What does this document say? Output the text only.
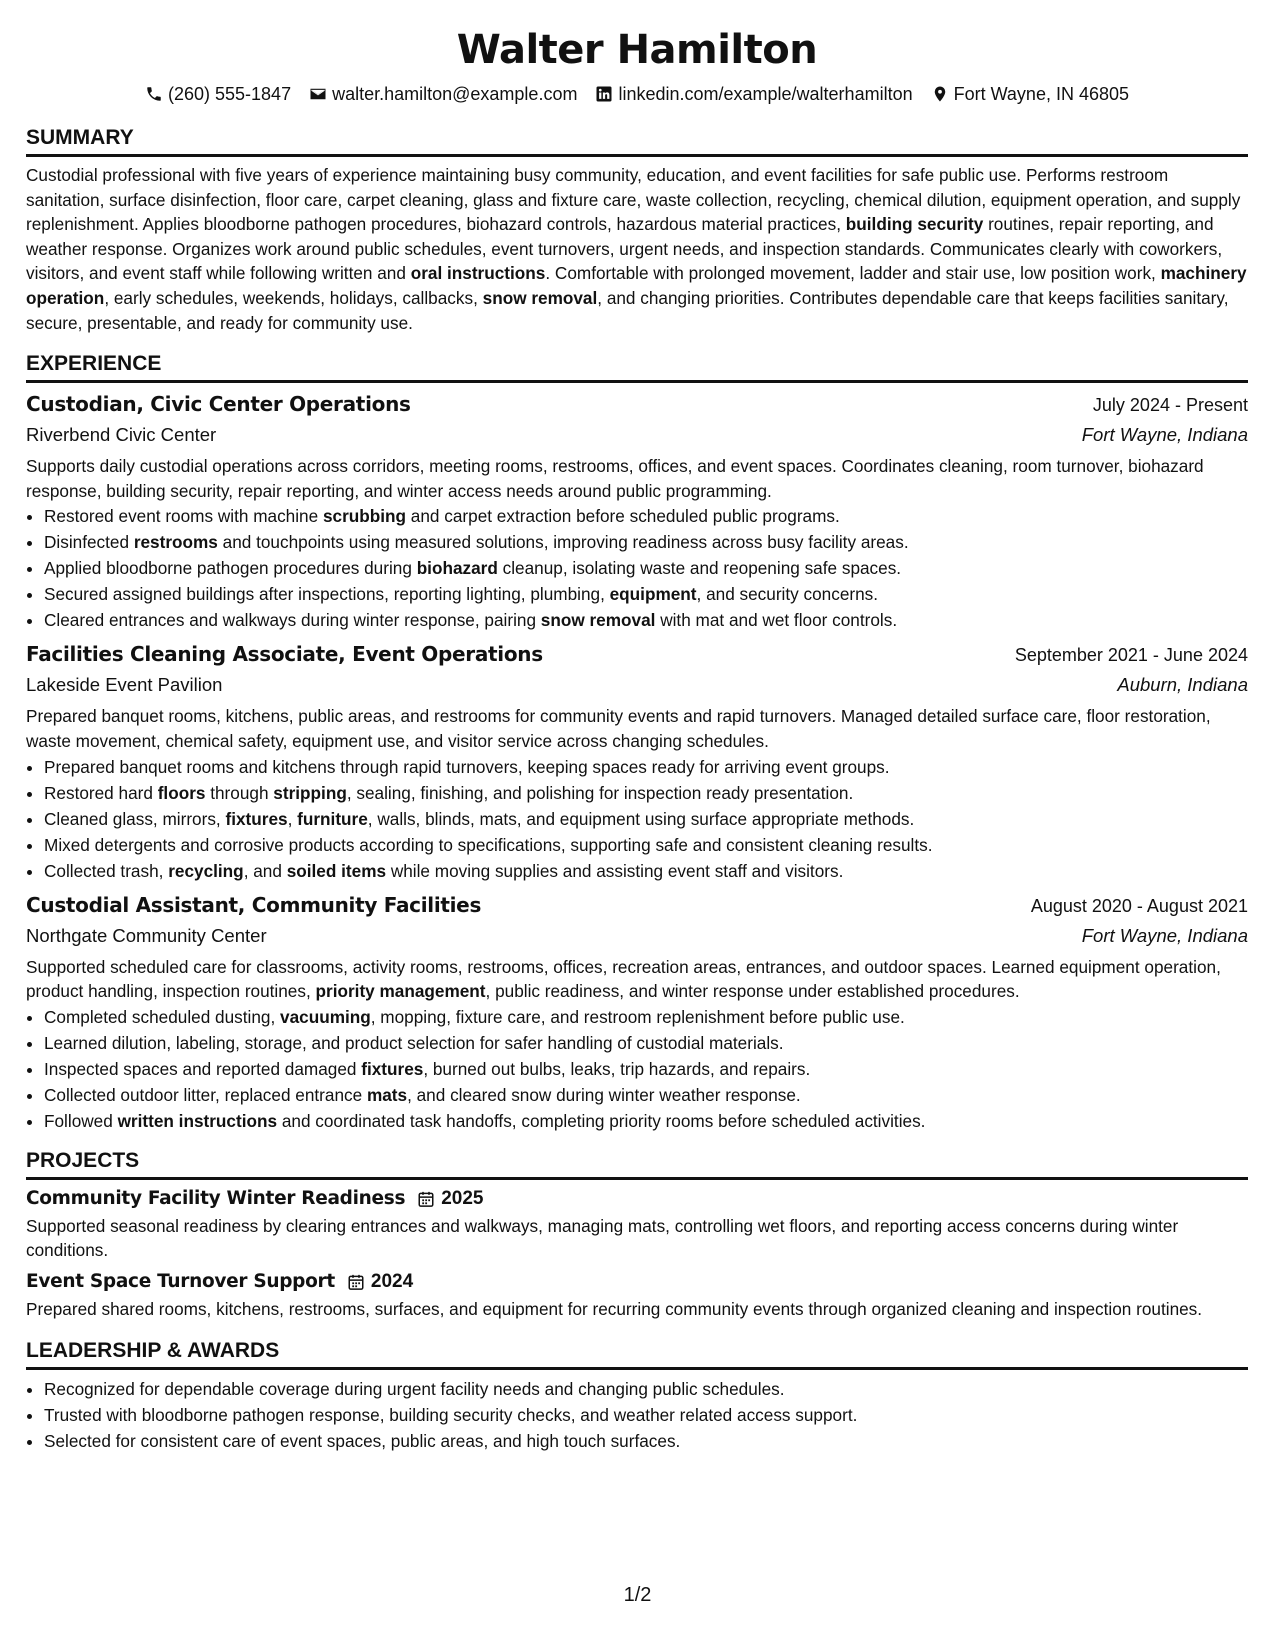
Walter Hamilton
(260) 555-1847 walter.hamilton@example.com linkedin.com/example/walterhamilton Fort Wayne, IN 46805
SUMMARY

Custodial professional with five years of experience maintaining busy community, education, and event facilities for safe public use. Performs restroom sanitation, surface disinfection, floor care, carpet cleaning, glass and fixture care, waste collection, recycling, chemical dilution, equipment operation, and supply replenishment. Applies bloodborne pathogen procedures, biohazard controls, hazardous material practices, building security routines, repair reporting, and weather response. Organizes work around public schedules, event turnovers, urgent needs, and inspection standards. Communicates clearly with coworkers, visitors, and event staff while following written and oral instructions. Comfortable with prolonged movement, ladder and stair use, low position work, machinery operation, early schedules, weekends, holidays, callbacks, snow removal, and changing priorities. Contributes dependable care that keeps facilities sanitary, secure, presentable, and ready for community use.

EXPERIENCE
Custodian, Civic Center Operations	July 2024 - Present
Riverbend Civic Center	Fort Wayne, Indiana

Supports daily custodial operations across corridors, meeting rooms, restrooms, offices, and event spaces. Coordinates cleaning, room turnover, biohazard response, building security, repair reporting, and winter access needs around public programming.

• Restored event rooms with machine scrubbing and carpet extraction before scheduled public programs.
• Disinfected restrooms and touchpoints using measured solutions, improving readiness across busy facility areas.
• Applied bloodborne pathogen procedures during biohazard cleanup, isolating waste and reopening safe spaces.
• Secured assigned buildings after inspections, reporting lighting, plumbing, equipment, and security concerns.
• Cleared entrances and walkways during winter response, pairing snow removal with mat and wet floor controls.
Facilities Cleaning Associate, Event Operations	September 2021 - June 2024
Lakeside Event Pavilion	Auburn, Indiana

Prepared banquet rooms, kitchens, public areas, and restrooms for community events and rapid turnovers. Managed detailed surface care, floor restoration, waste movement, chemical safety, equipment use, and visitor service across changing schedules.

• Prepared banquet rooms and kitchens through rapid turnovers, keeping spaces ready for arriving event groups.
• Restored hard floors through stripping, sealing, finishing, and polishing for inspection ready presentation.
• Cleaned glass, mirrors, fixtures, furniture, walls, blinds, mats, and equipment using surface appropriate methods.
• Mixed detergents and corrosive products according to specifications, supporting safe and consistent cleaning results.
• Collected trash, recycling, and soiled items while moving supplies and assisting event staff and visitors.
Custodial Assistant, Community Facilities	August 2020 - August 2021
Northgate Community Center	Fort Wayne, Indiana

Supported scheduled care for classrooms, activity rooms, restrooms, offices, recreation areas, entrances, and outdoor spaces. Learned equipment operation, product handling, inspection routines, priority management, public readiness, and winter response under established procedures.

• Completed scheduled dusting, vacuuming, mopping, fixture care, and restroom replenishment before public use.
• Learned dilution, labeling, storage, and product selection for safer handling of custodial materials.
• Inspected spaces and reported damaged fixtures, burned out bulbs, leaks, trip hazards, and repairs.
• Collected outdoor litter, replaced entrance mats, and cleared snow during winter weather response.
• Followed written instructions and coordinated task handoffs, completing priority rooms before scheduled activities.
PROJECTS
Community Facility Winter Readiness 2025

Supported seasonal readiness by clearing entrances and walkways, managing mats, controlling wet floors, and reporting access concerns during winter conditions.

Event Space Turnover Support 2024

Prepared shared rooms, kitchens, restrooms, surfaces, and equipment for recurring community events through organized cleaning and inspection routines.

LEADERSHIP & AWARDS
• Recognized for dependable coverage during urgent facility needs and changing public schedules.
• Trusted with bloodborne pathogen response, building security checks, and weather related access support.
• Selected for consistent care of event spaces, public areas, and high touch surfaces.
1/2
